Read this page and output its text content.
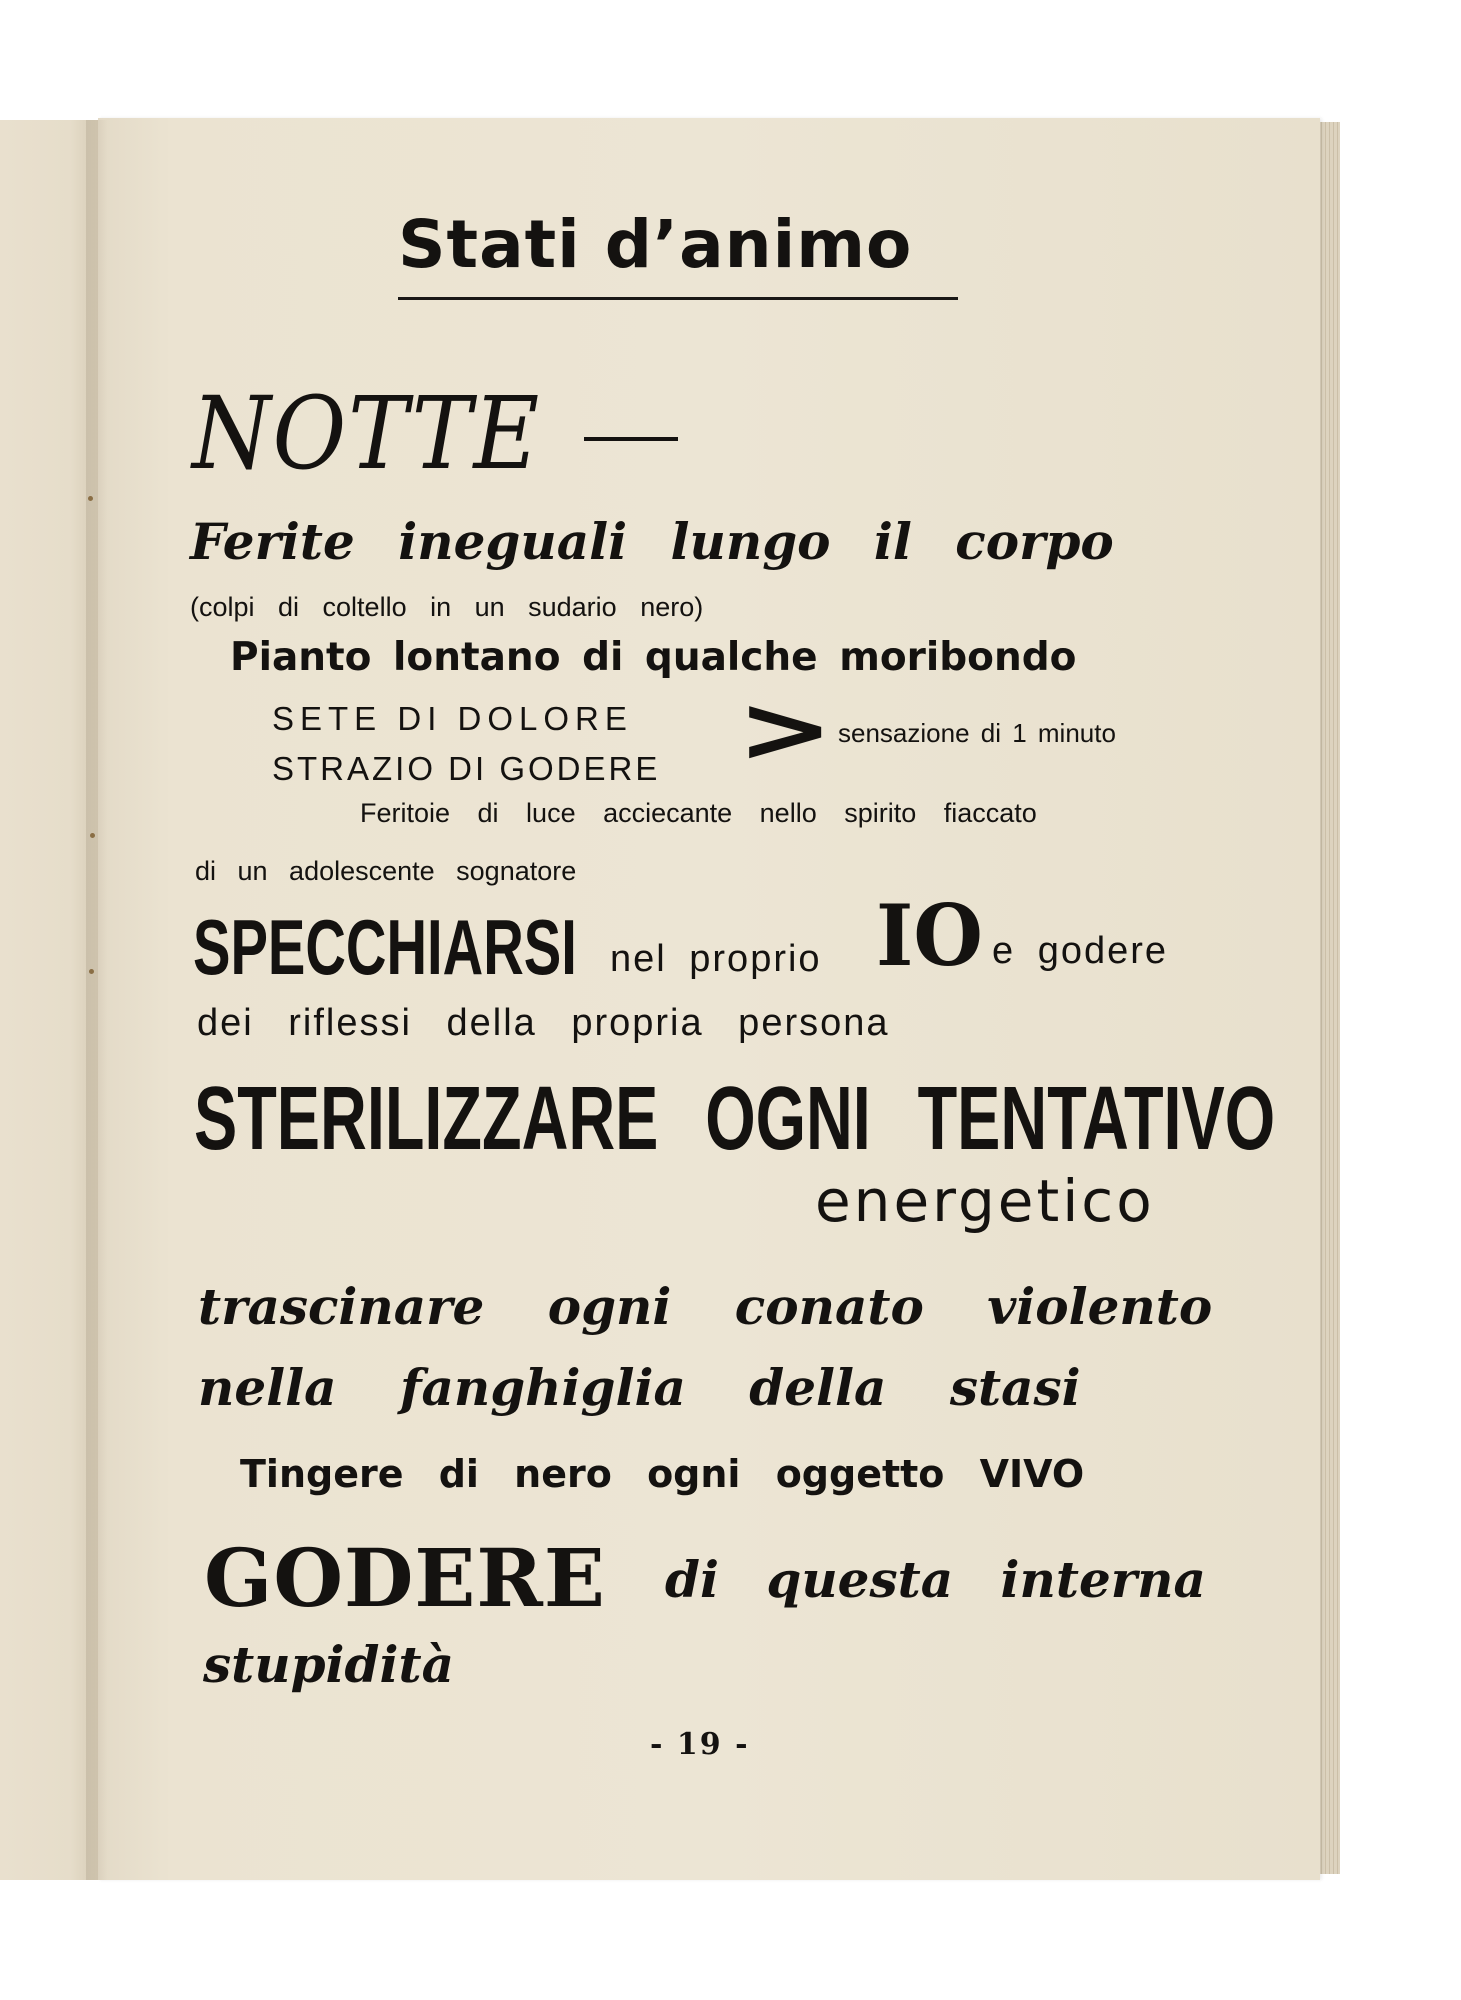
Stati d’animo
NOTTE
Ferite ineguali lungo il corpo
(colpi di coltello in un sudario nero)
Pianto lontano di qualche moribondo
SETE DI DOLORE
STRAZIO DI GODERE > sensazione di 1 minuto
Feritoie di luce acciecante nello spirito fiaccato
di un adolescente sognatore
SPECCHIARSI nel proprio IO e godere
dei riflessi della propria persona
STERILIZZARE OGNI TENTATIVO
energetico
trascinare ogni conato violento
nella fanghiglia della stasi
Tingere di nero ogni oggetto VIVO
GODERE di questa interna
stupidità
- 19 -
